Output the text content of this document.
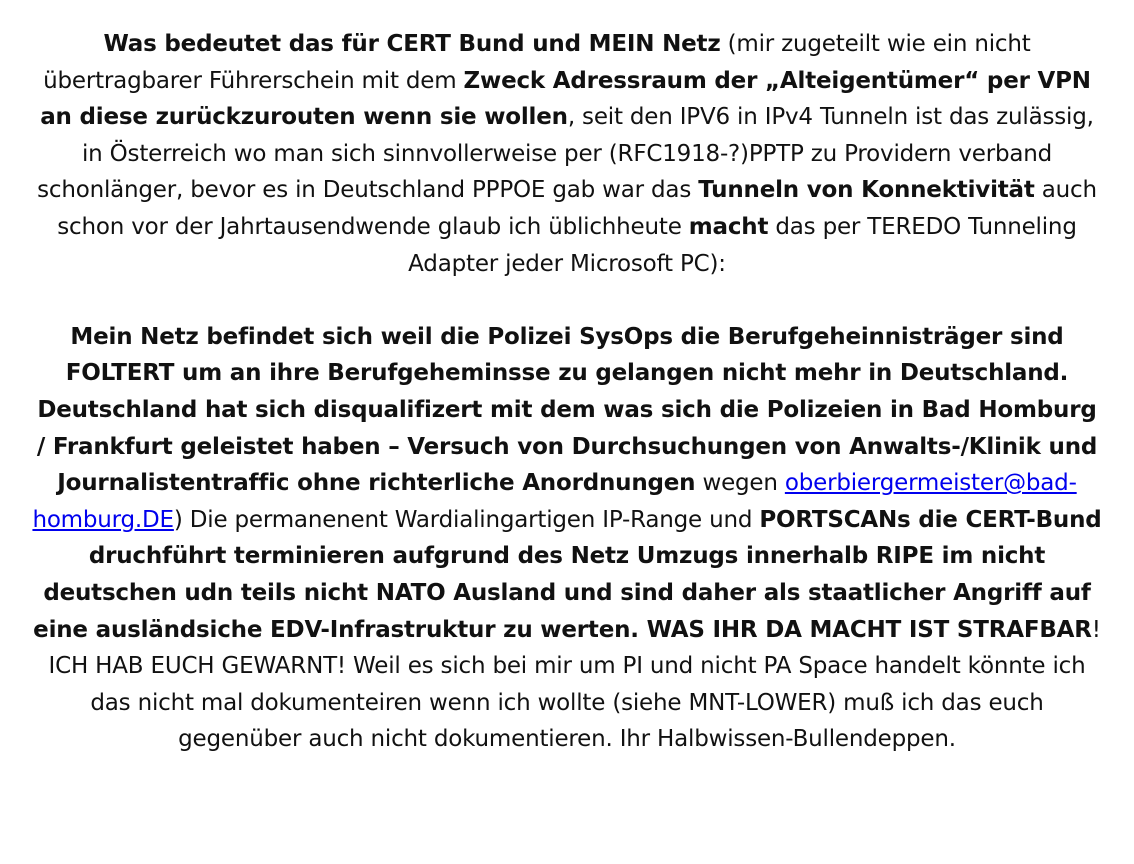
Was bedeutet das für CERT Bund und MEIN Netz (mir zugeteilt wie ein nicht übertragbarer Führerschein mit dem Zweck Adressraum der „Alteigentümer“ per VPN an diese zurückzurouten wenn sie wollen, seit den IPV6 in IPv4 Tunneln ist das zulässig, in Österreich wo man sich sinnvollerweise per (RFC1918-?)PPTP zu Providern verband schonlänger, bevor es in Deutschland PPPOE gab war das Tunneln von Konnektivität auch schon vor der Jahrtausendwende glaub ich üblichheute macht das per TEREDO Tunneling Adapter jeder Microsoft PC):

Mein Netz befindet sich weil die Polizei SysOps die Berufgeheinnisträger sind FOLTERT um an ihre Berufgeheminsse zu gelangen nicht mehr in Deutschland. Deutschland hat sich disqualifizert mit dem was sich die Polizeien in Bad Homburg / Frankfurt geleistet haben – Versuch von Durchsuchungen von Anwalts-/Klinik und Journalistentraffic ohne richterliche Anordnungen wegen oberbiergermeister@bad-homburg.DE) Die permanenent Wardialingartigen IP-Range und PORTSCANs die CERT-Bund druchführt terminieren aufgrund des Netz Umzugs innerhalb RIPE im nicht deutschen udn teils nicht NATO Ausland und sind daher als staatlicher Angriff auf eine ausländsiche EDV-Infrastruktur zu werten. WAS IHR DA MACHT IST STRAFBAR! ICH HAB EUCH GEWARNT! Weil es sich bei mir um PI und nicht PA Space handelt könnte ich das nicht mal dokumenteiren wenn ich wollte (siehe MNT-LOWER) muß ich das euch gegenüber auch nicht dokumentieren. Ihr Halbwissen-Bullendeppen.
